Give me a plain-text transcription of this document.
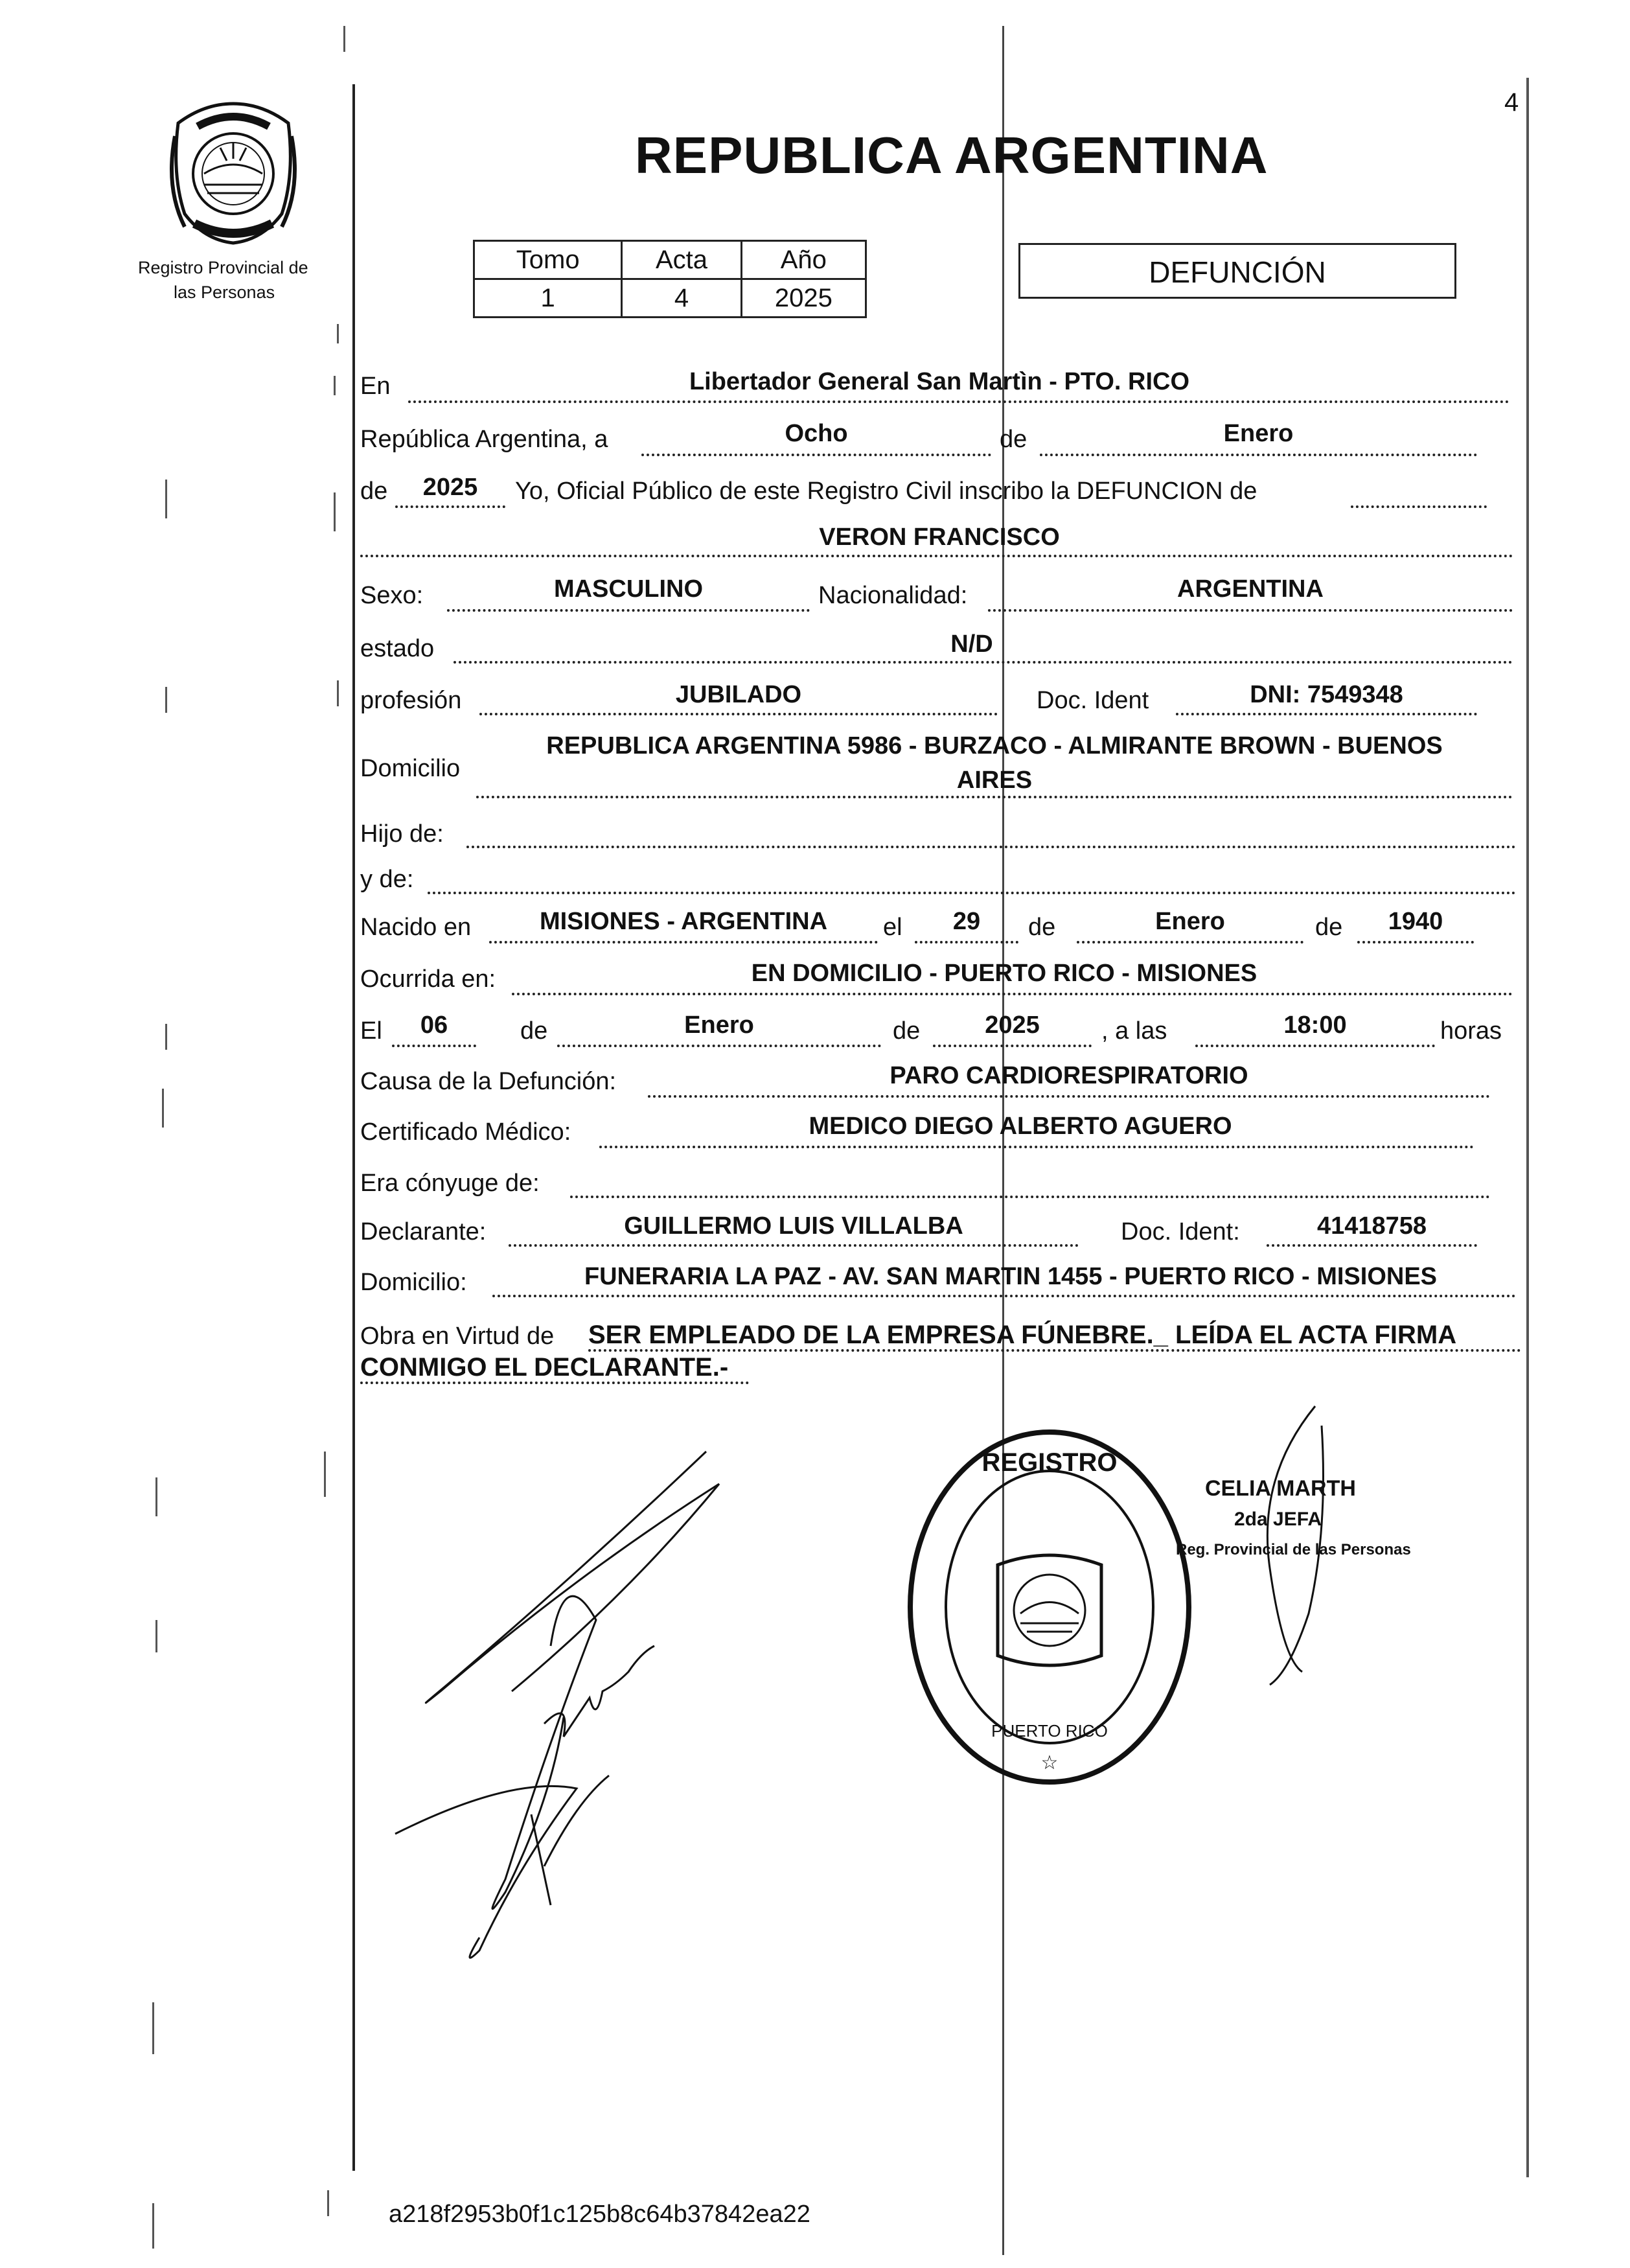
Registro Provincial de
las Personas
4
REPUBLICA ARGENTINA
Tomo	Acta	Año
1	4	2025
DEFUNCIÓN
En	Libertador General San Martìn - PTO. RICO
República Argentina, a	Ocho	de	Enero
de	2025	Yo, Oficial Público de este Registro Civil inscribo la DEFUNCION de
VERON FRANCISCO
Sexo:	MASCULINO	Nacionalidad:	ARGENTINA
estado	N/D
profesión	JUBILADO	Doc. Ident	DNI: 7549348
Domicilio
REPUBLICA ARGENTINA 5986 - BURZACO - ALMIRANTE BROWN - BUENOS
AIRES
Hijo de:
y de:
Nacido en	MISIONES - ARGENTINA	el	29	de	Enero	de	1940
Ocurrida en:	EN DOMICILIO - PUERTO RICO - MISIONES
El	06	de	Enero	de	2025	, a las	18:00	horas
Causa de la Defunción:	PARO CARDIORESPIRATORIO
Certificado Médico:	MEDICO DIEGO ALBERTO AGUERO
Era cónyuge de:
Declarante:	GUILLERMO LUIS VILLALBA	Doc. Ident:	41418758
Domicilio:	FUNERARIA LA PAZ - AV. SAN MARTIN 1455 - PUERTO RICO - MISIONES
Obra en Virtud de SER EMPLEADO DE LA EMPRESA FÚNEBRE._ LEÍDA EL ACTA FIRMA
CONMIGO EL DECLARANTE.-
REGISTRO
PUERTO RICO
☆
CELIA MARTH
2da JEFA
Reg. Provincial de las Personas
a218f2953b0f1c125b8c64b37842ea22
